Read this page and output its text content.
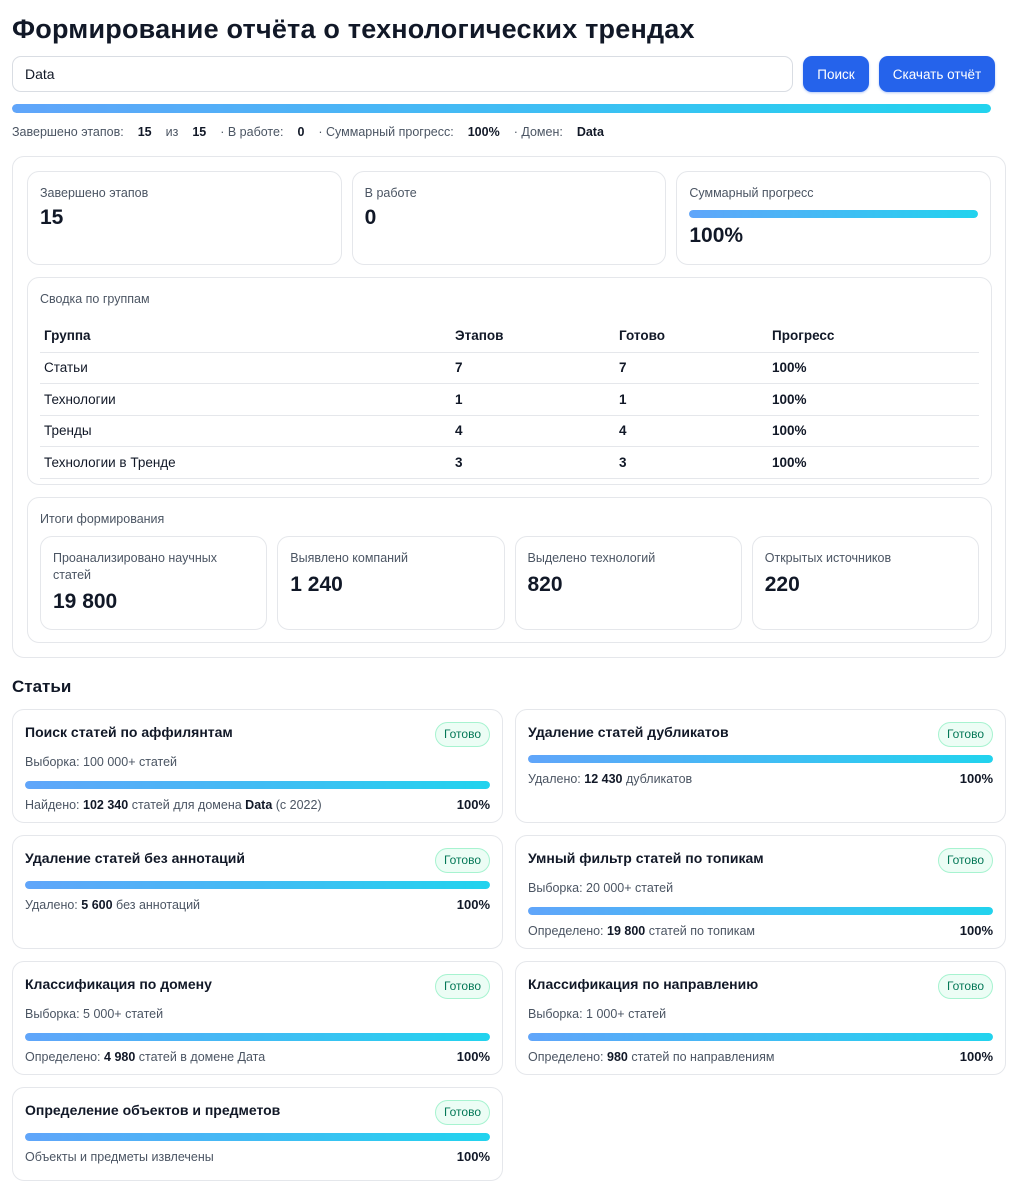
Формирование отчёта о технологических трендах
Data
Поиск	Скачать отчёт
Завершено этапов: 15 из 15 · В работе: 0 · Суммарный прогресс: 100% · Домен: Data
Завершено этапов
15
В работе
0
Суммарный прогресс
100%
Сводка по группам
Группа	Этапов	Готово	Прогресс
Статьи	7	7	100%
Технологии	1	1	100%
Тренды	4	4	100%
Технологии в Тренде	3	3	100%
Итоги формирования
Проанализировано научных статей
19 800
Выявлено компаний
1 240
Выделено технологий
820
Открытых источников
220
Статьи
Поиск статей по аффилянтам	Готово
Выборка: 100 000+ статей
Найдено: 102 340 статей для домена Data (с 2022)	100%
Удаление статей дубликатов	Готово
Удалено: 12 430 дубликатов	100%
Удаление статей без аннотаций	Готово
Удалено: 5 600 без аннотаций	100%
Умный фильтр статей по топикам	Готово
Выборка: 20 000+ статей
Определено: 19 800 статей по топикам	100%
Классификация по домену	Готово
Выборка: 5 000+ статей
Определено: 4 980 статей в домене Дата	100%
Классификация по направлению	Готово
Выборка: 1 000+ статей
Определено: 980 статей по направлениям	100%
Определение объектов и предметов	Готово
Объекты и предметы извлечены	100%
